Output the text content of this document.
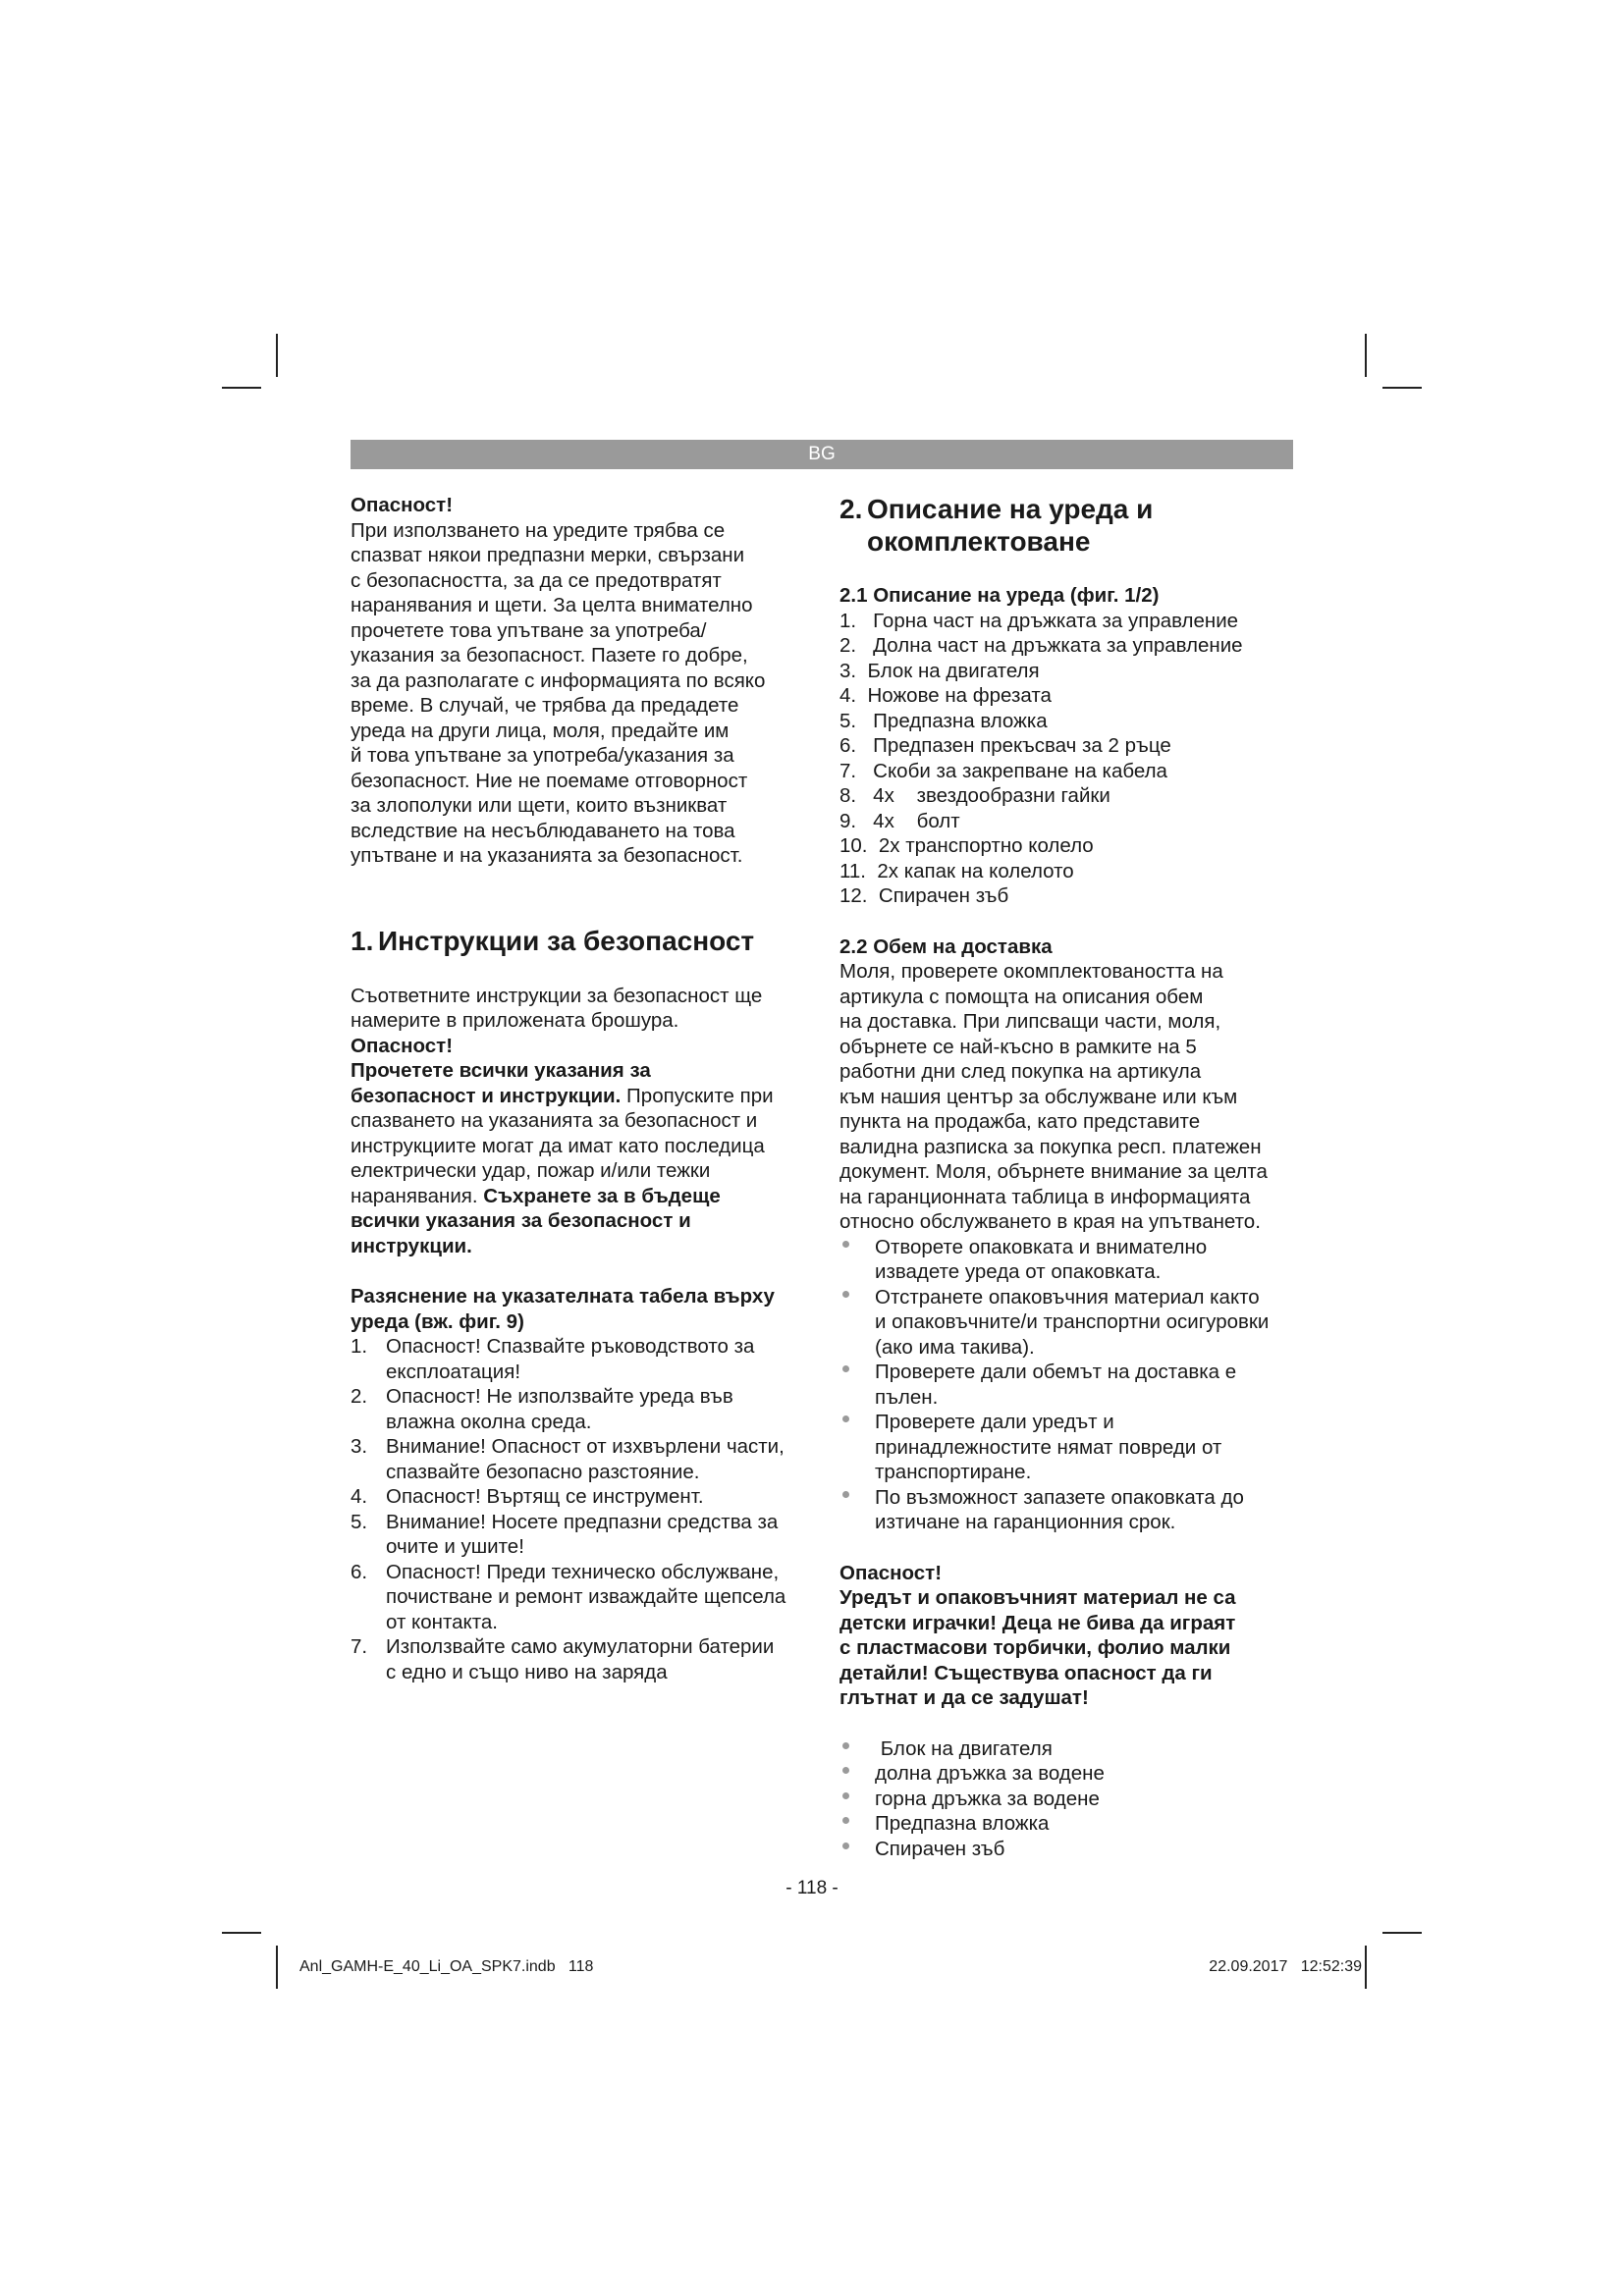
BG

Опасност!

При използването на уредите трябва се
спазват някои предпазни мерки, свързани
с безопасността, за да се предотвратят
наранявания и щети. За целта внимателно
прочетете това упътване за употреба/
указания за безопасност. Пазете го добре,
за да разполагате с информацията по всяко
време. В случай, че трябва да предадете
уреда на други лица, моля, предайте им
й това упътване за употреба/указания за
безопасност. Ние не поемаме отговорност
за злополуки или щети, които възникват
вследствие на несъблюдаването на това
упътване и на указанията за безопасност.
1. Инструкции за безопасност
Съответните инструкции за безопасност ще
намерите в приложената брошура.
Опасност!
Прочетете всички указания за
безопасност и инструкции. Пропуските при
спазването на указанията за безопасност и
инструкциите могат да имат като последица
електрически удар, пожар и/или тежки
наранявания. Съхранете за в бъдеще
всички указания за безопасност и
инструкции.
Разяснение на указателната табела върху
уреда (вж. фиг. 9)
1. Опасност! Спазвайте ръководството за
експлоатация!
2. Опасност! Не използвайте уреда във
влажна околна среда.
3. Внимание! Опасност от изхвърлени части,
спазвайте безопасно разстояние.
4. Опасност! Въртящ се инструмент.
5. Внимание! Носете предпазни средства за
очите и ушите!
6. Опасност! Преди техническо обслужване,
почистване и ремонт изваждайте щепсела
от контакта.
7. Използвайте само акумулаторни батерии
с едно и също ниво на заряда
2. Описание на уреда и
окомплектоване
2.1 Описание на уреда (фиг. 1/2)
1.   Горна част на дръжката за управление
2.   Долна част на дръжката за управление
3.  Блок на двигателя
4.  Ножове на фрезата
5.   Предпазна вложка
6.   Предпазен прекъсвач за 2 ръце
7.   Скоби за закрепване на кабела
8.   4x    звездообразни гайки
9.   4x    болт
10.  2x транспортно колело
11.  2x капак на колелото
12.  Спирачен зъб
2.2 Обем на доставка
Моля, проверете окомплектоваността на
артикула с помощта на описания обем
на доставка. При липсващи части, моля,
обърнете се най-късно в рамките на 5
работни дни след покупка на артикула
към нашия център за обслужване или към
пункта на продажба, като представите
валидна разписка за покупка респ. платежен
документ. Моля, обърнете внимание за целта
на гаранционната таблица в информацията
относно обслужването в края на упътването.
Отворете опаковката и внимателно
извадете уреда от опаковката.
Отстранете опаковъчния материал както
и опаковъчните/и транспортни осигуровки
(ако има такива).
Проверете дали обемът на доставка е
пълен.
Проверете дали уредът и
принадлежностите нямат повреди от
транспортиране.
По възможност запазете опаковката до
изтичане на гаранционния срок.
Опасност!
Уредът и опаковъчният материал не са
детски играчки! Деца не бива да играят
с пластмасови торбички, фолио малки
детайли! Съществува опасност да ги
глътнат и да се задушат!
Блок на двигателя
долна дръжка за водене
горна дръжка за водене
Предпазна вложка
Спирачен зъб
- 118 -
Anl_GAMH-E_40_Li_OA_SPK7.indb   118	22.09.2017   12:52:39
